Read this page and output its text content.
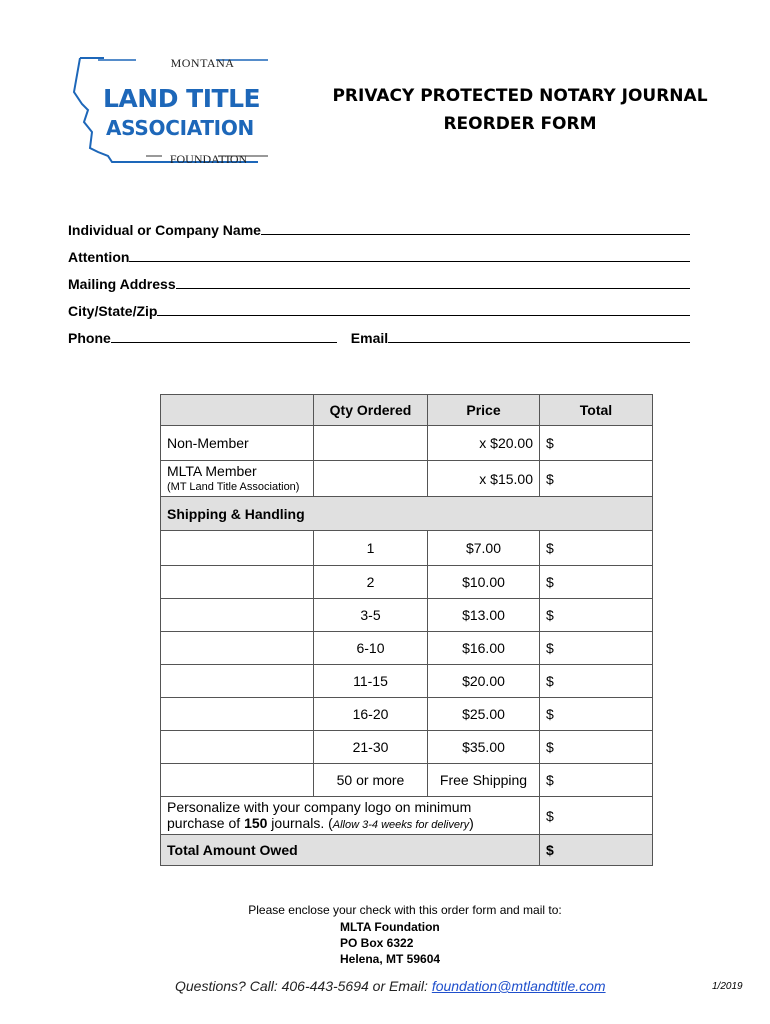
MONTANA
LAND TITLE
ASSOCIATION
FOUNDATION
PRIVACY PROTECTED NOTARY JOURNAL
REORDER FORM
Individual or Company Name
Attention
Mailing Address
City/State/Zip
Phone	Email
	Qty Ordered	Price	Total
Non-Member		x $20.00	$

MLTA Member
(MT Land Title Association)		x $15.00	$
Shipping & Handling			
	1	$7.00	$
	2	$10.00	$
	3-5	$13.00	$
	6-10	$16.00	$
	11-15	$20.00	$
	16-20	$25.00	$
	21-30	$35.00	$
	50 or more	Free Shipping	$

Personalize with your company logo on minimum
purchase of 150 journals. (Allow 3-4 weeks for delivery)			$
Total Amount Owed			$
Please enclose your check with this order form and mail to:
MLTA Foundation
PO Box 6322
Helena, MT 59604
Questions? Call: 406-443-5694 or Email: foundation@mtlandtitle.com	1/2019
